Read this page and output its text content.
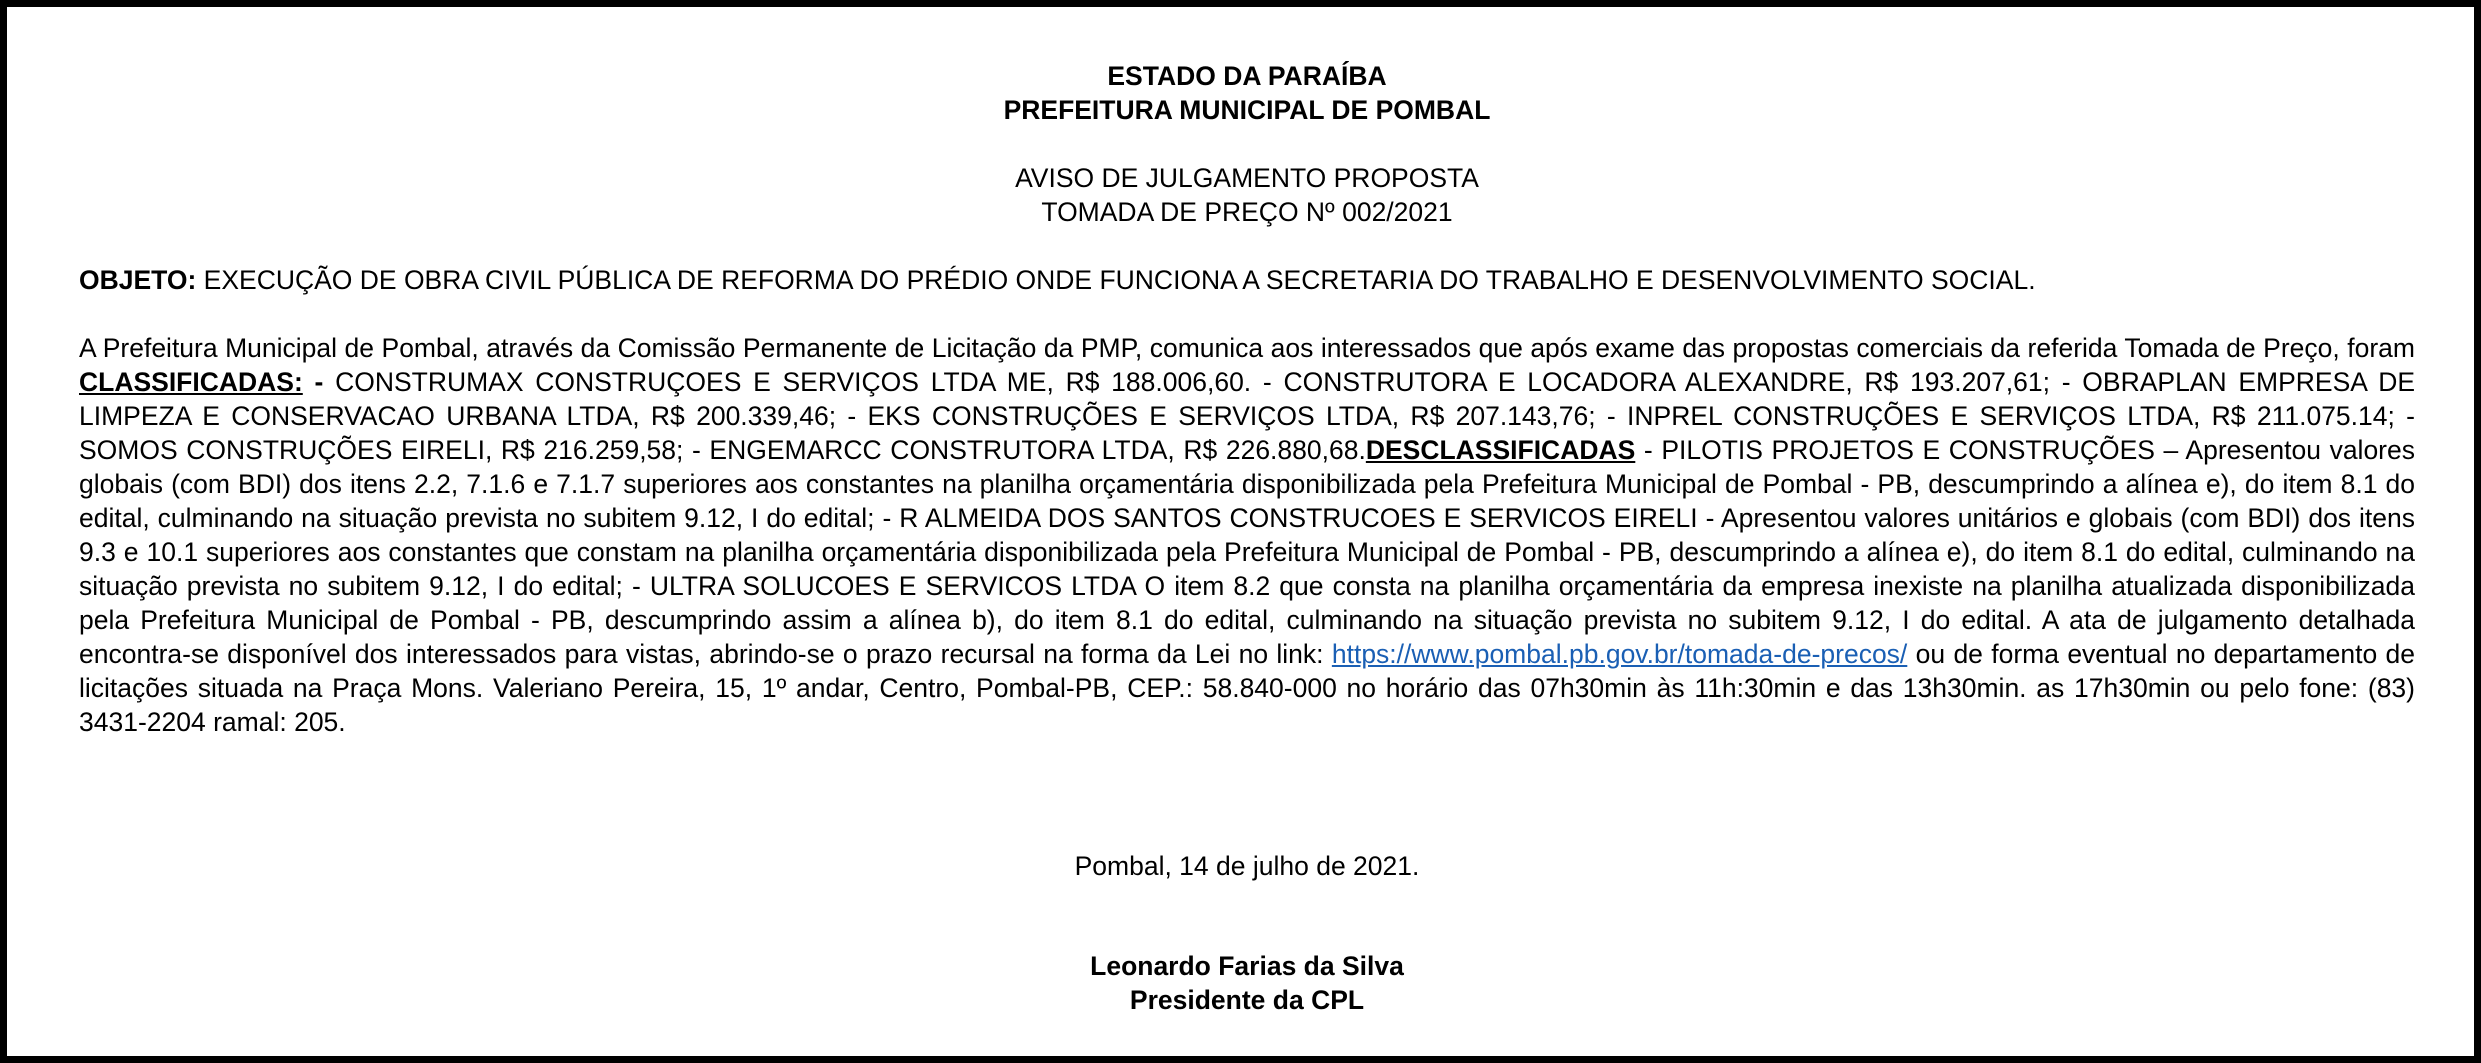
ESTADO DA PARAÍBA
PREFEITURA MUNICIPAL DE POMBAL
AVISO DE JULGAMENTO PROPOSTA
TOMADA DE PREÇO Nº 002/2021

OBJETO: EXECUÇÃO DE OBRA CIVIL PÚBLICA DE REFORMA DO PRÉDIO ONDE FUNCIONA A SECRETARIA DO TRABALHO E DESENVOLVIMENTO SOCIAL.

A Prefeitura Municipal de Pombal, através da Comissão Permanente de Licitação da PMP, comunica aos interessados que após exame das propostas comerciais da referida Tomada de Preço, foram CLASSIFICADAS: - CONSTRUMAX CONSTRUÇOES E SERVIÇOS LTDA ME, R$ 188.006,60. - CONSTRUTORA E LOCADORA ALEXANDRE, R$ 193.207,61; - OBRAPLAN EMPRESA DE LIMPEZA E CONSERVACAO URBANA LTDA, R$ 200.339,46; - EKS CONSTRUÇÕES E SERVIÇOS LTDA, R$ 207.143,76; - INPREL CONSTRUÇÕES E SERVIÇOS LTDA, R$ 211.075.14; - SOMOS CONSTRUÇÕES EIRELI, R$ 216.259,58; - ENGEMARCC CONSTRUTORA LTDA, R$ 226.880,68.DESCLASSIFICADAS - PILOTIS PROJETOS E CONSTRUÇÕES – Apresentou valores globais (com BDI) dos itens 2.2, 7.1.6 e 7.1.7 superiores aos constantes na planilha orçamentária disponibilizada pela Prefeitura Municipal de Pombal - PB, descumprindo a alínea e), do item 8.1 do edital, culminando na situação prevista no subitem 9.12, I do edital; - R ALMEIDA DOS SANTOS CONSTRUCOES E SERVICOS EIRELI - Apresentou valores unitários e globais (com BDI) dos itens 9.3 e 10.1 superiores aos constantes que constam na planilha orçamentária disponibilizada pela Prefeitura Municipal de Pombal - PB, descumprindo a alínea e), do item 8.1 do edital, culminando na situação prevista no subitem 9.12, I do edital; - ULTRA SOLUCOES E SERVICOS LTDA O item 8.2 que consta na planilha orçamentária da empresa inexiste na planilha atualizada disponibilizada pela Prefeitura Municipal de Pombal - PB, descumprindo assim a alínea b), do item 8.1 do edital, culminando na situação prevista no subitem 9.12, I do edital. A ata de julgamento detalhada encontra-se disponível dos interessados para vistas, abrindo-se o prazo recursal na forma da Lei no link: https://www.pombal.pb.gov.br/tomada-de-precos/ ou de forma eventual no departamento de licitações situada na Praça Mons. Valeriano Pereira, 15, 1º andar, Centro, Pombal-PB, CEP.: 58.840-000 no horário das 07h30min às 11h:30min e das 13h30min. as 17h30min ou pelo fone: (83) 3431-2204 ramal: 205.

Pombal, 14 de julho de 2021.
Leonardo Farias da Silva
Presidente da CPL
